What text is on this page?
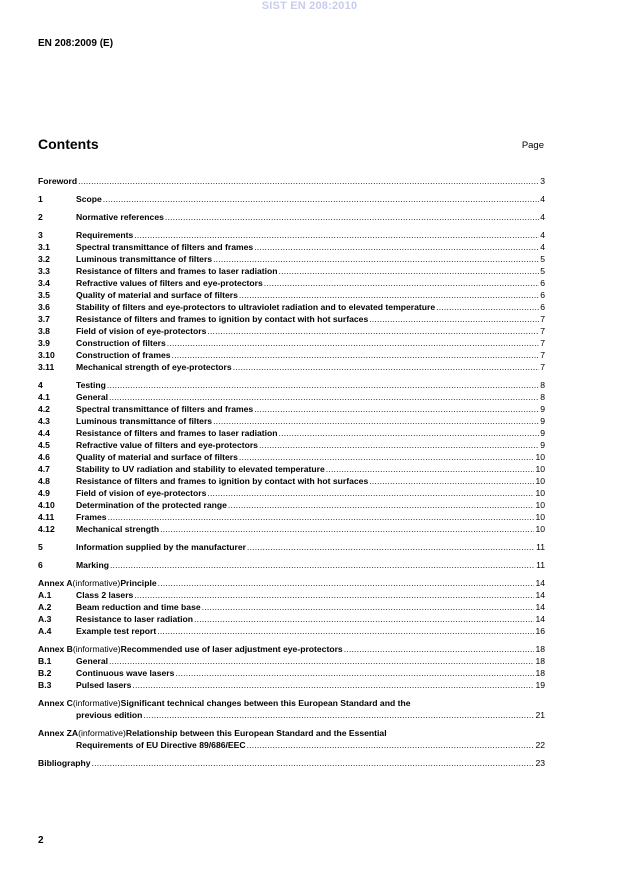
SIST EN 208:2010
EN 208:2009 (E)
Contents	Page
Foreword .....	3
1	Scope .....	4
2	Normative references .....	4
3	Requirements .....	4
3.1	Spectral transmittance of filters and frames .....	4
3.2	Luminous transmittance of filters .....	5
3.3	Resistance of filters and frames to laser radiation .....	5
3.4	Refractive values of filters and eye-protectors .....	6
3.5	Quality of material and surface of filters .....	6
3.6	Stability of filters and eye-protectors to ultraviolet radiation and to elevated temperature .....	6
3.7	Resistance of filters and frames to ignition by contact with hot surfaces .....	7
3.8	Field of vision of eye-protectors .....	7
3.9	Construction of filters .....	7
3.10	Construction of frames .....	7
3.11	Mechanical strength of eye-protectors .....	7
4	Testing .....	8
4.1	General .....	8
4.2	Spectral transmittance of filters and frames .....	9
4.3	Luminous transmittance of filters .....	9
4.4	Resistance of filters and frames to laser radiation .....	9
4.5	Refractive value of filters and eye-protectors .....	9
4.6	Quality of material and surface of filters .....	10
4.7	Stability to UV radiation and stability to elevated temperature .....	10
4.8	Resistance of filters and frames to ignition by contact with hot surfaces .....	10
4.9	Field of vision of eye-protectors .....	10
4.10	Determination of the protected range .....	10
4.11	Frames .....	10
4.12	Mechanical strength .....	10
5	Information supplied by the manufacturer .....	11
6	Marking .....	11
Annex A (informative) Principle .....	14
A.1	Class 2 lasers .....	14
A.2	Beam reduction and time base .....	14
A.3	Resistance to laser radiation .....	14
A.4	Example test report .....	16
Annex B (informative) Recommended use of laser adjustment eye-protectors .....	18
B.1	General .....	18
B.2	Continuous wave lasers .....	18
B.3	Pulsed lasers .....	19
Annex C (informative) Significant technical changes between this European Standard and the
previous edition .....	21
Annex ZA (informative) Relationship between this European Standard and the Essential
Requirements of EU Directive 89/686/EEC .....	22
Bibliography .....	23
2
